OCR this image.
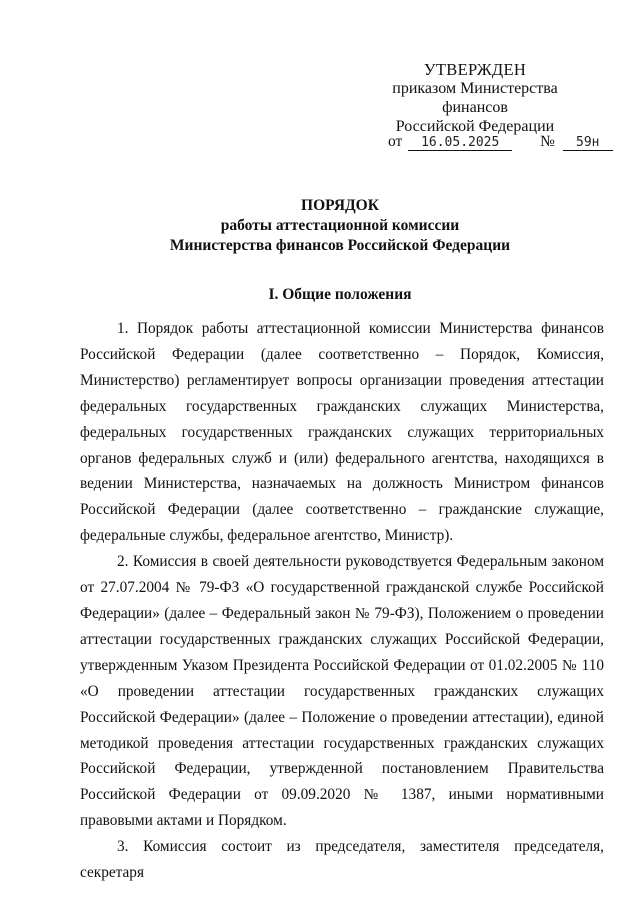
УТВЕРЖДЕН
приказом Министерства финансов
Российской Федерации
от 16.05.2025	№ 59н
ПОРЯДОК
работы аттестационной комиссии
Министерства финансов Российской Федерации
I. Общие положения

1. Порядок работы аттестационной комиссии Министерства финансов Российской Федерации (далее соответственно – Порядок, Комиссия, Министерство) регламентирует вопросы организации проведения аттестации федеральных государственных гражданских служащих Министерства, федеральных государственных гражданских служащих территориальных органов федеральных служб и (или) федерального агентства, находящихся в ведении Министерства, назначаемых на должность Министром финансов Российской Федерации (далее соответственно – гражданские служащие, федеральные службы, федеральное агентство, Министр).

2. Комиссия в своей деятельности руководствуется Федеральным законом от 27.07.2004 № 79-ФЗ «О государственной гражданской службе Российской Федерации» (далее – Федеральный закон № 79-ФЗ), Положением о проведении аттестации государственных гражданских служащих Российской Федерации, утвержденным Указом Президента Российской Федерации от 01.02.2005 № 110 «О проведении аттестации государственных гражданских служащих Российской Федерации» (далее – Положение о проведении аттестации), единой методикой проведения аттестации государственных гражданских служащих Российской Федерации, утвержденной постановлением Правительства Российской Федерации от 09.09.2020 № 1387, иными нормативными правовыми актами и Порядком.

3. Комиссия состоит из председателя, заместителя председателя, секретаря
